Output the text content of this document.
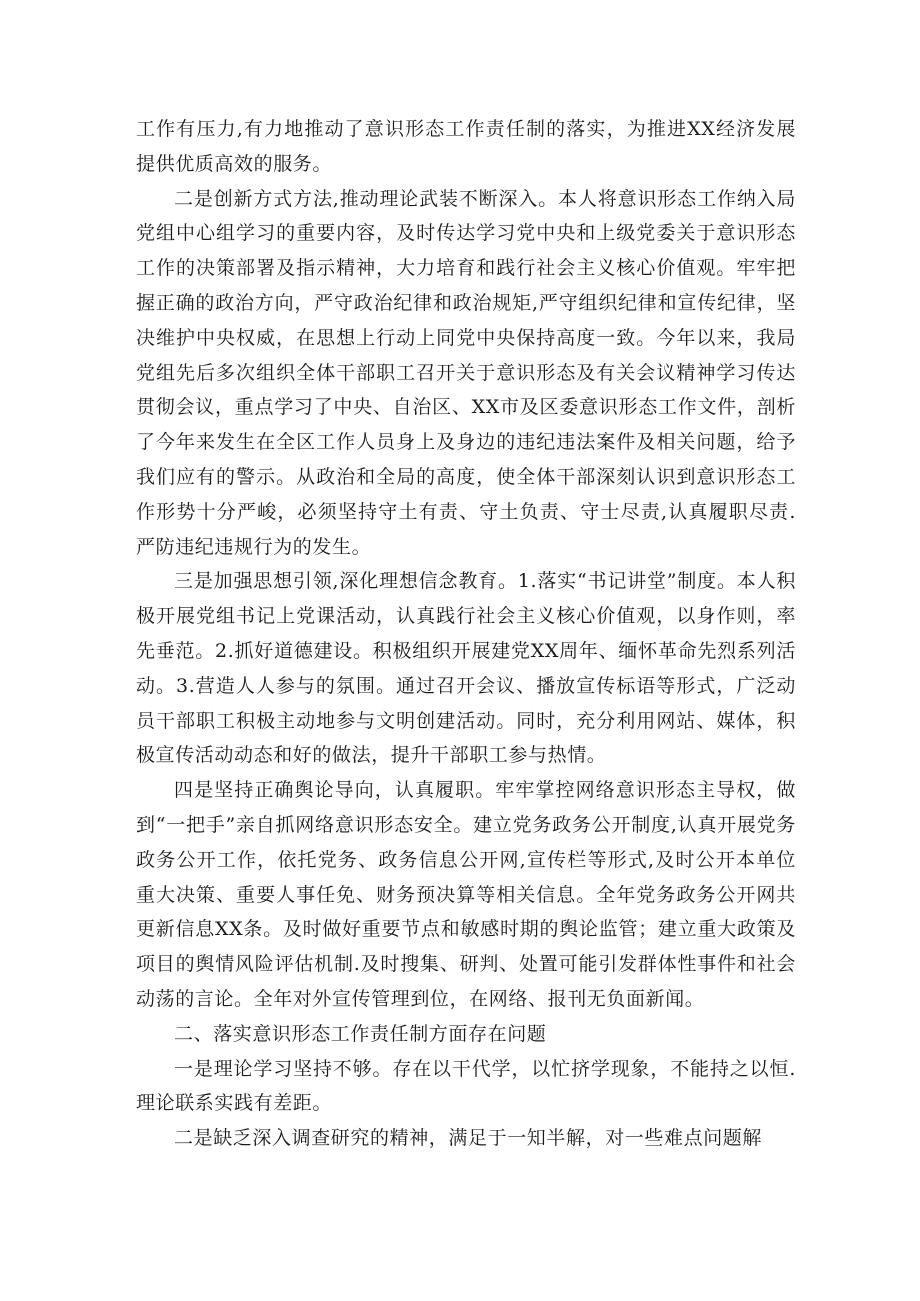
工作有压力,有力地推动了意识形态工作责任制的落实，为推进XX经济发展提供优质高效的服务。

二是创新方式方法,推动理论武装不断深入。本人将意识形态工作纳入局党组中心组学习的重要内容，及时传达学习党中央和上级党委关于意识形态工作的决策部署及指示精神，大力培育和践行社会主义核心价值观。牢牢把握正确的政治方向，严守政治纪律和政治规矩,严守组织纪律和宣传纪律，坚决维护中央权威，在思想上行动上同党中央保持高度一致。今年以来，我局党组先后多次组织全体干部职工召开关于意识形态及有关会议精神学习传达贯彻会议，重点学习了中央、自治区、XX市及区委意识形态工作文件，剖析了今年来发生在全区工作人员身上及身边的违纪违法案件及相关问题，给予我们应有的警示。从政治和全局的高度，使全体干部深刻认识到意识形态工作形势十分严峻，必须坚持守土有责、守土负责、守士尽责,认真履职尽责.严防违纪违规行为的发生。

三是加强思想引领,深化理想信念教育。1.落实“书记讲堂”制度。本人积极开展党组书记上党课活动，认真践行社会主义核心价值观，以身作则，率先垂范。2.抓好道德建设。积极组织开展建党XX周年、缅怀革命先烈系列活动。3.营造人人参与的氛围。通过召开会议、播放宣传标语等形式，广泛动员干部职工积极主动地参与文明创建活动。同时，充分利用网站、媒体，积极宣传活动动态和好的做法，提升干部职工参与热情。

四是坚持正确舆论导向，认真履职。牢牢掌控网络意识形态主导权，做到“一把手”亲自抓网络意识形态安全。建立党务政务公开制度,认真开展党务政务公开工作，依托党务、政务信息公开网,宣传栏等形式,及时公开本单位重大决策、重要人事任免、财务预决算等相关信息。全年党务政务公开网共更新信息XX条。及时做好重要节点和敏感时期的舆论监管；建立重大政策及项目的舆情风险评估机制.及时搜集、研判、处置可能引发群体性事件和社会动荡的言论。全年对外宣传管理到位，在网络、报刊无负面新闻。

二、落实意识形态工作责任制方面存在问题

一是理论学习坚持不够。存在以干代学，以忙挤学现象，不能持之以恒.理论联系实践有差距。

二是缺乏深入调查研究的精神，满足于一知半解，对一些难点问题解
